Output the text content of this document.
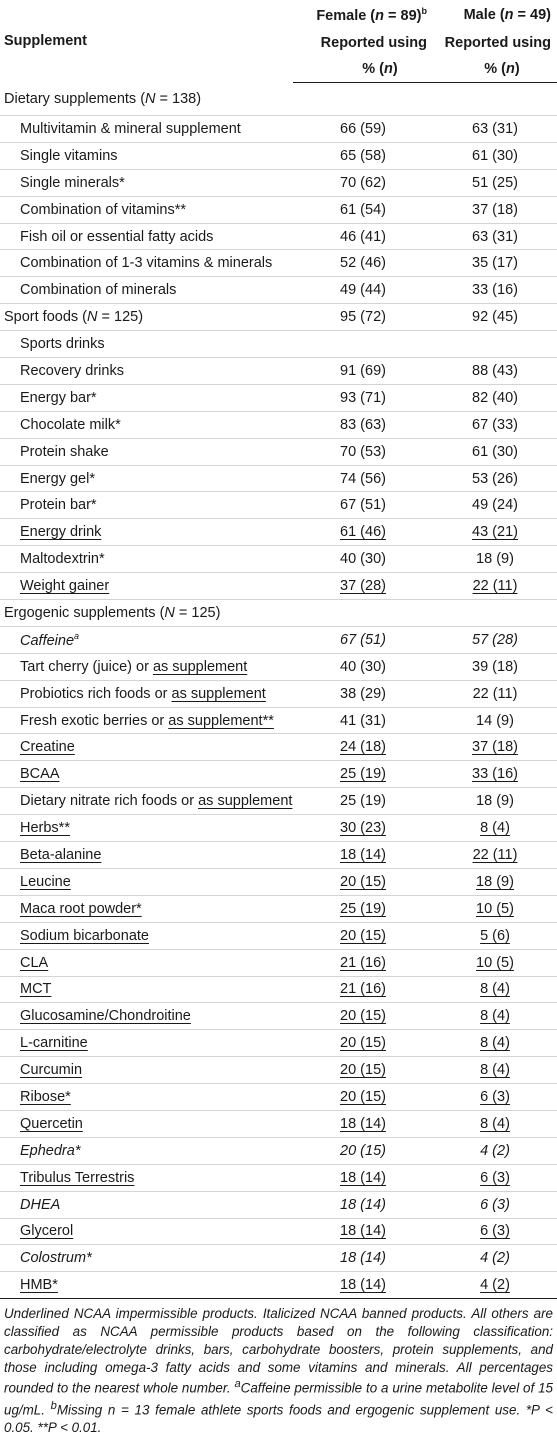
Supplement	Female (n = 89)$^b$	Male (n = 49)
	Reported using	Reported using
	% (n)	% (n)
Dietary supplements (N = 138)		
Multivitamin & mineral supplement	66 (59)	63 (31)
Single vitamins	65 (58)	61 (30)
Single minerals*	70 (62)	51 (25)
Combination of vitamins**	61 (54)	37 (18)
Fish oil or essential fatty acids	46 (41)	63 (31)
Combination of 1-3 vitamins & minerals	52 (46)	35 (17)
Combination of minerals	49 (44)	33 (16)
Sport foods (N = 125)	95 (72)	92 (45)
Sports drinks		
Recovery drinks	91 (69)	88 (43)
Energy bar*	93 (71)	82 (40)
Chocolate milk*	83 (63)	67 (33)
Protein shake	70 (53)	61 (30)
Energy gel*	74 (56)	53 (26)
Protein bar*	67 (51)	49 (24)
Energy drink	61 (46)	43 (21)
Maltodextrin*	40 (30)	18 (9)
Weight gainer	37 (28)	22 (11)
Ergogenic supplements (N = 125)		
Caffeine$^a$	67 (51)	57 (28)
Tart cherry (juice) or as supplement	40 (30)	39 (18)
Probiotics rich foods or as supplement	38 (29)	22 (11)
Fresh exotic berries or as supplement**	41 (31)	14 (9)
Creatine	24 (18)	37 (18)
BCAA	25 (19)	33 (16)
Dietary nitrate rich foods or as supplement	25 (19)	18 (9)
Herbs**	30 (23)	8 (4)
Beta-alanine	18 (14)	22 (11)
Leucine	20 (15)	18 (9)
Maca root powder*	25 (19)	10 (5)
Sodium bicarbonate	20 (15)	5 (6)
CLA	21 (16)	10 (5)
MCT	21 (16)	8 (4)
Glucosamine/Chondroitine	20 (15)	8 (4)
L-carnitine	20 (15)	8 (4)
Curcumin	20 (15)	8 (4)
Ribose*	20 (15)	6 (3)
Quercetin	18 (14)	8 (4)
Ephedra*	20 (15)	4 (2)
Tribulus Terrestris	18 (14)	6 (3)
DHEA	18 (14)	6 (3)
Glycerol	18 (14)	6 (3)
Colostrum*	18 (14)	4 (2)
HMB*	18 (14)	4 (2)
Underlined NCAA impermissible products. Italicized NCAA banned products. All others are classified as NCAA permissible products based on the following classification: carbohydrate/electrolyte drinks, bars, carbohydrate boosters, protein supplements, and those including omega-3 fatty acids and some vitamins and minerals. All percentages rounded to the nearest whole number. $^a$Caffeine permissible to a urine metabolite level of 15 ug/mL. $^b$Missing n = 13 female athlete sports foods and ergogenic supplement use. *P < 0.05. **P < 0.01.
